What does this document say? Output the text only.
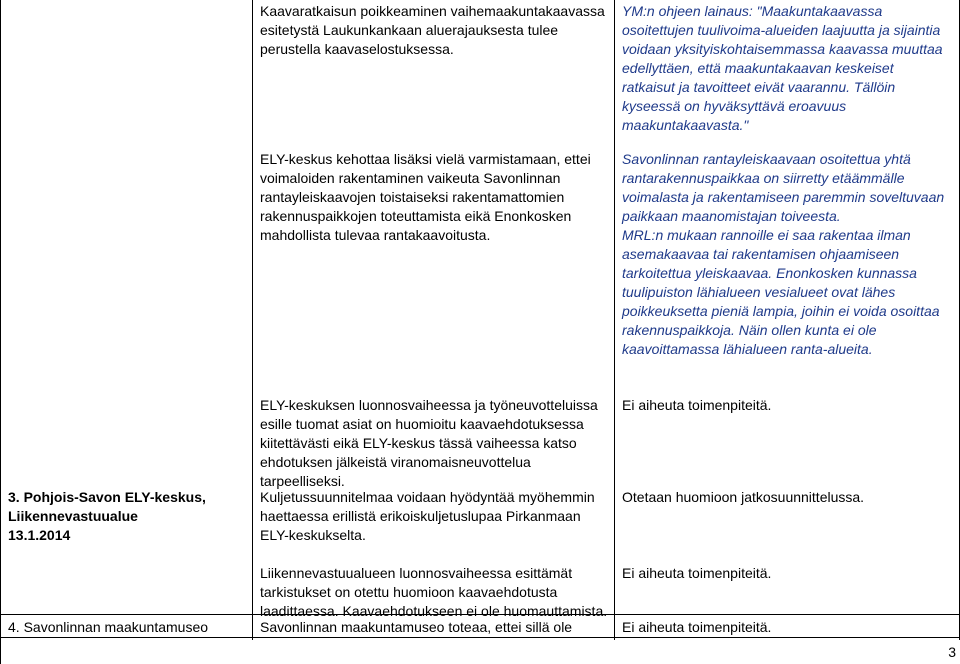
Kaavaratkaisun poikkeaminen vaihemaakuntakaavassa
esitetystä Laukunkankaan aluerajauksesta tulee
perustella kaavaselostuksessa.

YM:n ohjeen lainaus: "Maakuntakaavassa
osoitettujen tuulivoima-alueiden laajuutta ja sijaintia
voidaan yksityiskohtaisemmassa kaavassa muuttaa
edellyttäen, että maakuntakaavan keskeiset
ratkaisut ja tavoitteet eivät vaarannu. Tällöin
kyseessä on hyväksyttävä eroavuus
maakuntakaavasta."

ELY-keskus kehottaa lisäksi vielä varmistamaan, ettei
voimaloiden rakentaminen vaikeuta Savonlinnan
rantayleiskaavojen toistaiseksi rakentamattomien
rakennuspaikkojen toteuttamista eikä Enonkosken
mahdollista tulevaa rantakaavoitusta.

Savonlinnan rantayleiskaavaan osoitettua yhtä
rantarakennuspaikkaa on siirretty etäämmälle
voimalasta ja rakentamiseen paremmin soveltuvaan
paikkaan maanomistajan toiveesta.
MRL:n mukaan rannoille ei saa rakentaa ilman
asemakaavaa tai rakentamisen ohjaamiseen
tarkoitettua yleiskaavaa. Enonkosken kunnassa
tuulipuiston lähialueen vesialueet ovat lähes
poikkeuksetta pieniä lampia, joihin ei voida osoittaa
rakennuspaikkoja. Näin ollen kunta ei ole
kaavoittamassa lähialueen ranta-alueita.

3. Pohjois-Savon ELY-keskus,
Liikennevastuualue
13.1.2014

ELY-keskuksen luonnosvaiheessa ja työneuvotteluissa
esille tuomat asiat on huomioitu kaavaehdotuksessa
kiitettävästi eikä ELY-keskus tässä vaiheessa katso
ehdotuksen jälkeistä viranomaisneuvottelua
tarpeelliseksi.

Kuljetussuunnitelmaa voidaan hyödyntää myöhemmin
haettaessa erillistä erikoiskuljetuslupaa Pirkanmaan
ELY-keskukselta.

Liikennevastuualueen luonnosvaiheessa esittämät
tarkistukset on otettu huomioon kaavaehdotusta
laadittaessa. Kaavaehdotukseen ei ole huomauttamista.

Ei aiheuta toimenpiteitä.

Otetaan huomioon jatkosuunnittelussa.

Ei aiheuta toimenpiteitä.

4. Savonlinnan maakuntamuseo	Savonlinnan maakuntamuseo toteaa, ettei sillä ole	Ei aiheuta toimenpiteitä.

3
